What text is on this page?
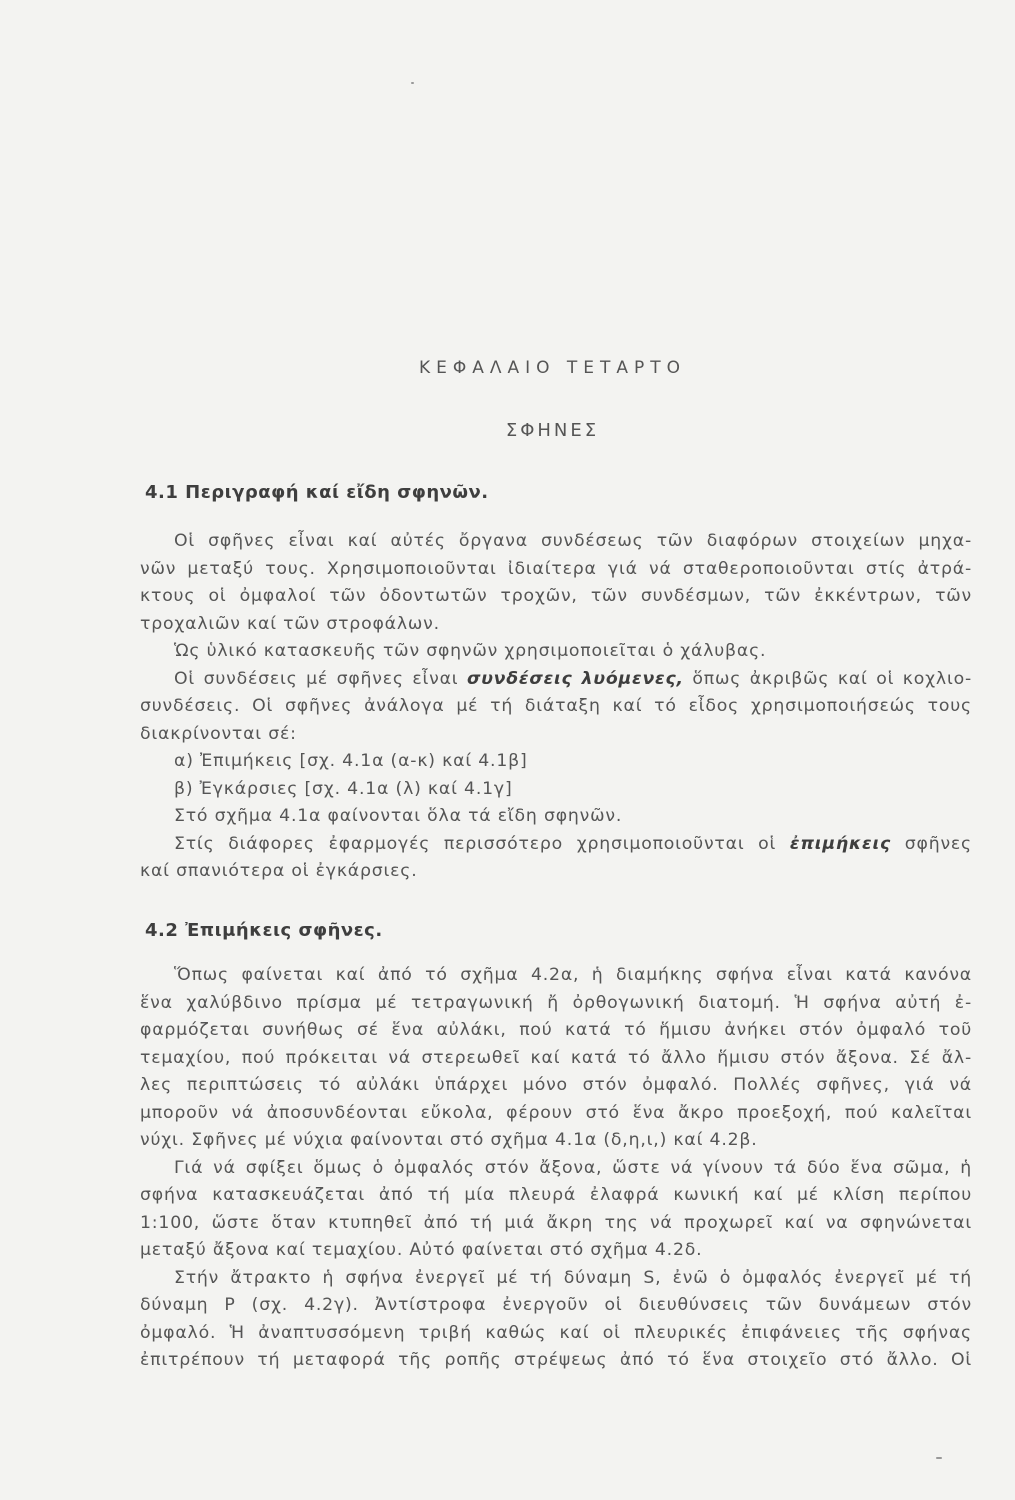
ΚΕΦΑΛΑΙΟ ΤΕΤΑΡΤΟ
ΣΦΗΝΕΣ
4.1 Περιγραφή καί εἴδη σφηνῶν.
Οἱ σφῆνες εἶναι καί αὐτές ὄργανα συνδέσεως τῶν διαφόρων στοιχείων μηχα-
νῶν μεταξύ τους. Χρησιμοποιοῦνται ἰδιαίτερα γιά νά σταθεροποιοῦνται στίς ἀτρά-
κτους οἱ ὀμφαλοί τῶν ὀδοντωτῶν τροχῶν, τῶν συνδέσμων, τῶν ἐκκέντρων, τῶν
τροχαλιῶν καί τῶν στροφάλων.
Ὡς ὑλικό κατασκευῆς τῶν σφηνῶν χρησιμοποιεῖται ὁ χάλυβας.
Οἱ συνδέσεις μέ σφῆνες εἶναι συνδέσεις λυόμενες, ὅπως ἀκριβῶς καί οἱ κοχλιο-
συνδέσεις. Οἱ σφῆνες ἀνάλογα μέ τή διάταξη καί τό εἶδος χρησιμοποιήσεώς τους
διακρίνονται σέ:
α) Ἐπιμήκεις [σχ. 4.1α (α-κ) καί 4.1β]
β) Ἐγκάρσιες [σχ. 4.1α (λ) καί 4.1γ]
Στό σχῆμα 4.1α φαίνονται ὅλα τά εἴδη σφηνῶν.
Στίς διάφορες ἐφαρμογές περισσότερο χρησιμοποιοῦνται οἱ ἐπιμήκεις σφῆνες
καί σπανιότερα οἱ ἐγκάρσιες.
4.2 Ἐπιμήκεις σφῆνες.
Ὅπως φαίνεται καί ἀπό τό σχῆμα 4.2α, ἡ διαμήκης σφήνα εἶναι κατά κανόνα
ἕνα χαλύβδινο πρίσμα μέ τετραγωνική ἤ ὀρθογωνική διατομή. Ἡ σφήνα αὐτή ἐ-
φαρμόζεται συνήθως σέ ἕνα αὐλάκι, πού κατά τό ἥμισυ ἀνήκει στόν ὀμφαλό τοῦ
τεμαχίου, πού πρόκειται νά στερεωθεῖ καί κατά τό ἄλλο ἥμισυ στόν ἄξονα. Σέ ἄλ-
λες περιπτώσεις τό αὐλάκι ὑπάρχει μόνο στόν ὀμφαλό. Πολλές σφῆνες, γιά νά
μποροῦν νά ἀποσυνδέονται εὔκολα, φέρουν στό ἕνα ἄκρο προεξοχή, πού καλεῖται
νύχι. Σφῆνες μέ νύχια φαίνονται στό σχῆμα 4.1α (δ,η,ι,) καί 4.2β.
Γιά νά σφίξει ὅμως ὁ ὀμφαλός στόν ἄξονα, ὥστε νά γίνουν τά δύο ἕνα σῶμα, ἡ
σφήνα κατασκευάζεται ἀπό τή μία πλευρά ἐλαφρά κωνική καί μέ κλίση περίπου
1:100, ὥστε ὅταν κτυπηθεῖ ἀπό τή μιά ἄκρη της νά προχωρεῖ καί να σφηνώνεται
μεταξύ ἄξονα καί τεμαχίου. Αὐτό φαίνεται στό σχῆμα 4.2δ.
Στήν ἄτρακτο ἡ σφήνα ἐνεργεῖ μέ τή δύναμη S, ἐνῶ ὁ ὀμφαλός ἐνεργεῖ μέ τή
δύναμη P (σχ. 4.2γ). Ἀντίστροφα ἐνεργοῦν οἱ διευθύνσεις τῶν δυνάμεων στόν
ὀμφαλό. Ἡ ἀναπτυσσόμενη τριβή καθώς καί οἱ πλευρικές ἐπιφάνειες τῆς σφήνας
ἐπιτρέπουν τή μεταφορά τῆς ροπῆς στρέψεως ἀπό τό ἕνα στοιχεῖο στό ἄλλο. Οἱ
